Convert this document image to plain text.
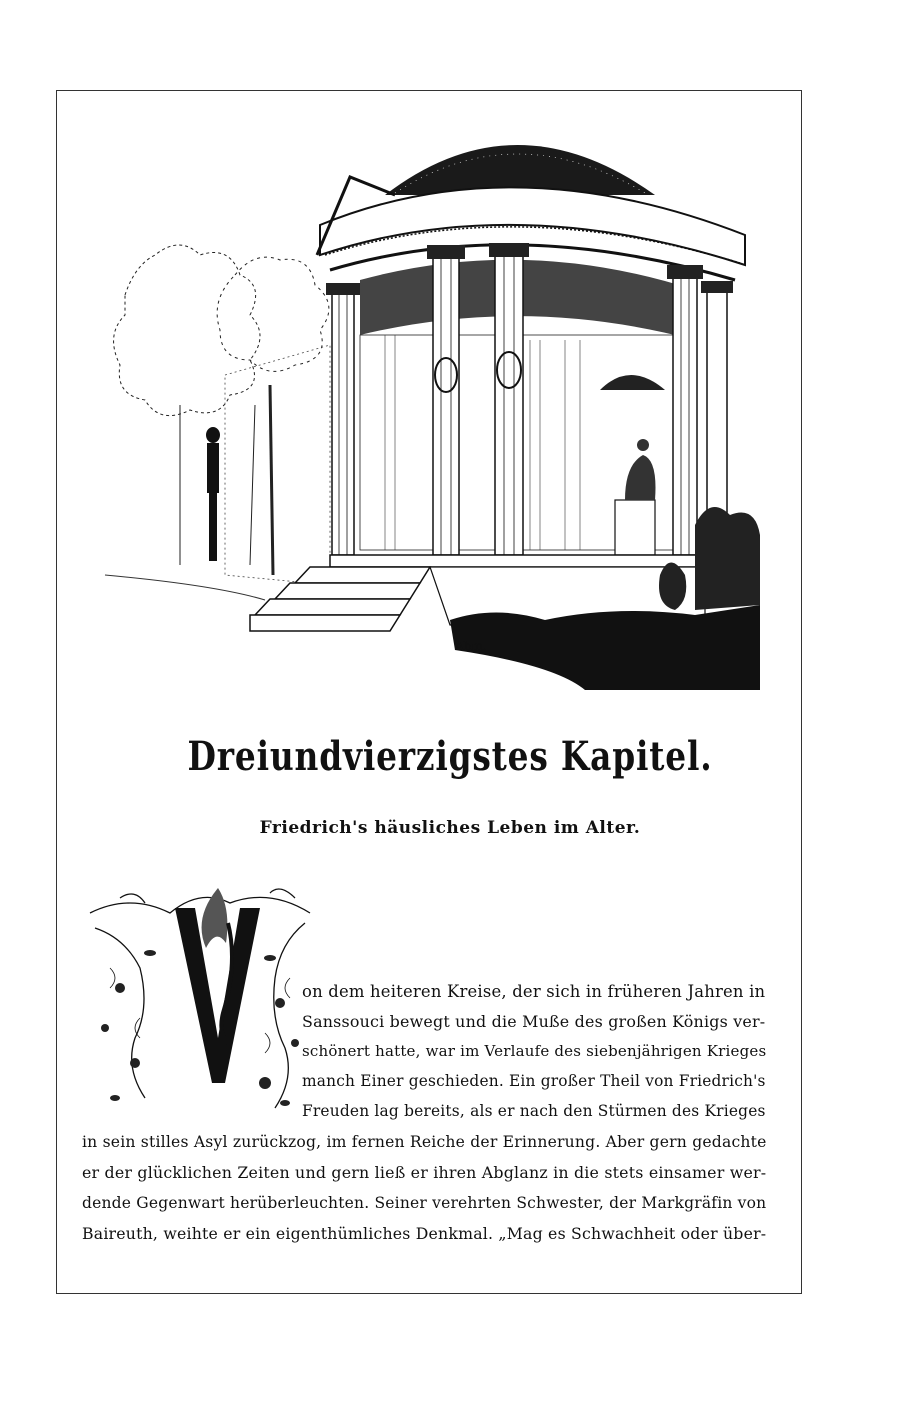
Abm.
Dreiundvierzigstes Kapitel.
Friedrich's häusliches Leben im Alter.
on dem heiteren Kreise, der sich in früheren Jahren in
Sanssouci bewegt und die Muße des großen Königs ver-
schönert hatte, war im Verlaufe des siebenjährigen Krieges
manch Einer geschieden. Ein großer Theil von Friedrich's
Freuden lag bereits, als er nach den Stürmen des Krieges
in sein stilles Asyl zurückzog, im fernen Reiche der Erinnerung. Aber gern gedachte
er der glücklichen Zeiten und gern ließ er ihren Abglanz in die stets einsamer wer-
dende Gegenwart herüberleuchten. Seiner verehrten Schwester, der Markgräfin von
Baireuth, weihte er ein eigenthümliches Denkmal. „Mag es Schwachheit oder über-
